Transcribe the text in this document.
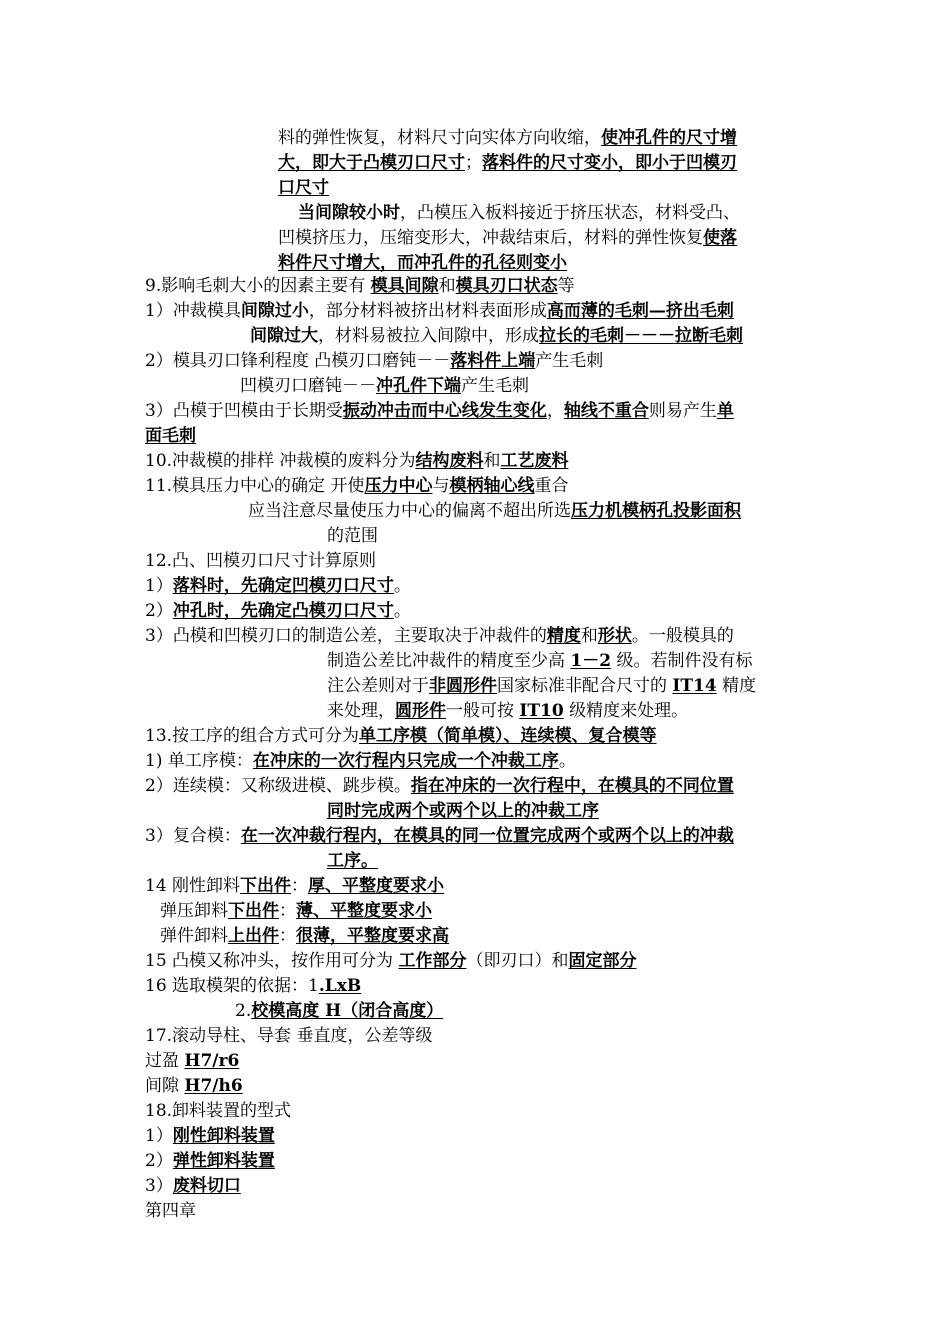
料的弹性恢复，材料尺寸向实体方向收缩，使冲孔件的尺寸增
大，即大于凸模刃口尺寸；落料件的尺寸变小，即小于凹模刃
口尺寸
当间隙较小时，凸模压入板料接近于挤压状态，材料受凸、
凹模挤压力，压缩变形大，冲裁结束后，材料的弹性恢复使落
料件尺寸增大，而冲孔件的孔径则变小
9.影响毛刺大小的因素主要有 模具间隙和模具刃口状态等
1）冲裁模具间隙过小，部分材料被挤出材料表面形成高而薄的毛刺—挤出毛刺
间隙过大，材料易被拉入间隙中，形成拉长的毛刺－－－拉断毛刺
2）模具刃口锋利程度 凸模刃口磨钝－－落料件上端产生毛刺
凹模刃口磨钝－－冲孔件下端产生毛刺
3）凸模于凹模由于长期受振动冲击而中心线发生变化，轴线不重合则易产生单
面毛刺
10.冲裁模的排样 冲裁模的废料分为结构废料和工艺废料
11.模具压力中心的确定 开使压力中心与模柄轴心线重合
应当注意尽量使压力中心的偏离不超出所选压力机模柄孔投影面积
的范围
12.凸、凹模刃口尺寸计算原则
1）落料时，先确定凹模刃口尺寸。
2）冲孔时，先确定凸模刃口尺寸。
3）凸模和凹模刃口的制造公差，主要取决于冲裁件的精度和形状。一般模具的
制造公差比冲裁件的精度至少高 1－2 级。若制件没有标
注公差则对于非圆形件国家标准非配合尺寸的 IT14 精度
来处理，圆形件一般可按 IT10 级精度来处理。
13.按工序的组合方式可分为单工序模（简单模）、连续模、复合模等
1) 单工序模：在冲床的一次行程内只完成一个冲裁工序。
2）连续模：又称级进模、跳步模。指在冲床的一次行程中，在模具的不同位置
同时完成两个或两个以上的冲裁工序
3）复合模：在一次冲裁行程内，在模具的同一位置完成两个或两个以上的冲裁
工序。
14 刚性卸料下出件：厚、平整度要求小
弹压卸料下出件：薄、平整度要求小
弹件卸料上出件：很薄，平整度要求高
15 凸模又称冲头，按作用可分为 工作部分（即刃口）和固定部分
16 选取模架的依据：1.LxB
2.校模高度 H（闭合高度）
17.滚动导柱、导套 垂直度，公差等级
过盈 H7/r6
间隙 H7/h6
18.卸料装置的型式
1）刚性卸料装置
2）弹性卸料装置
3）废料切口
第四章
